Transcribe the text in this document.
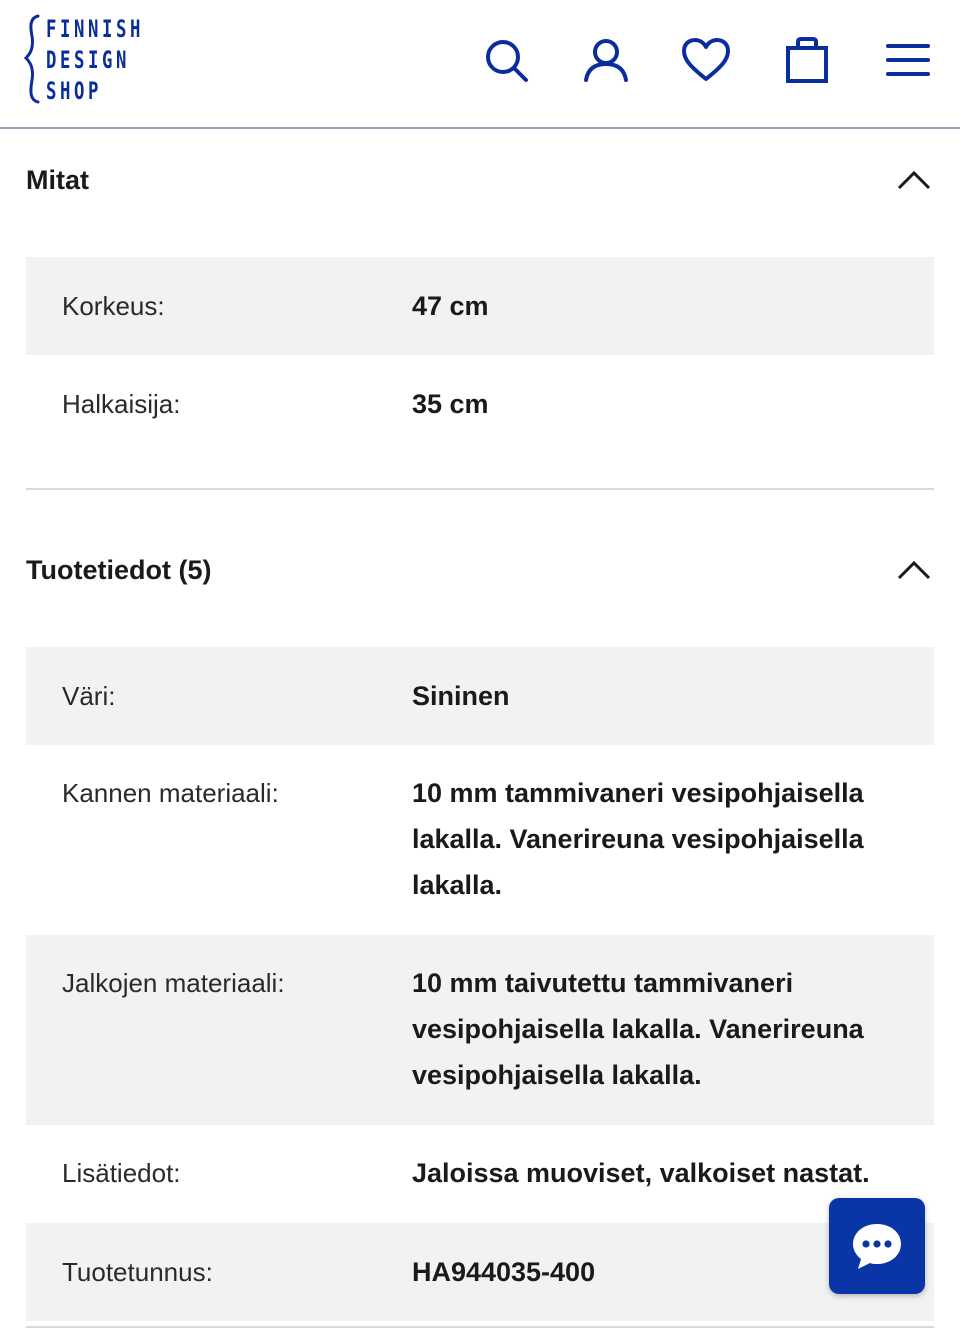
FINNISH
DESIGN
SHOP
Mitat
Korkeus:	47 cm
Halkaisija:	35 cm
Tuotetiedot (5)
Väri:	Sininen
Kannen materiaali:	10 mm tammivaneri vesipohjaisella lakalla. Vanerireuna vesipohjaisella lakalla.
Jalkojen materiaali:	10 mm taivutettu tammivaneri vesipohjaisella lakalla. Vanerireuna vesipohjaisella lakalla.
Lisätiedot:	Jaloissa muoviset, valkoiset nastat.
Tuotetunnus:	HA944035-400
